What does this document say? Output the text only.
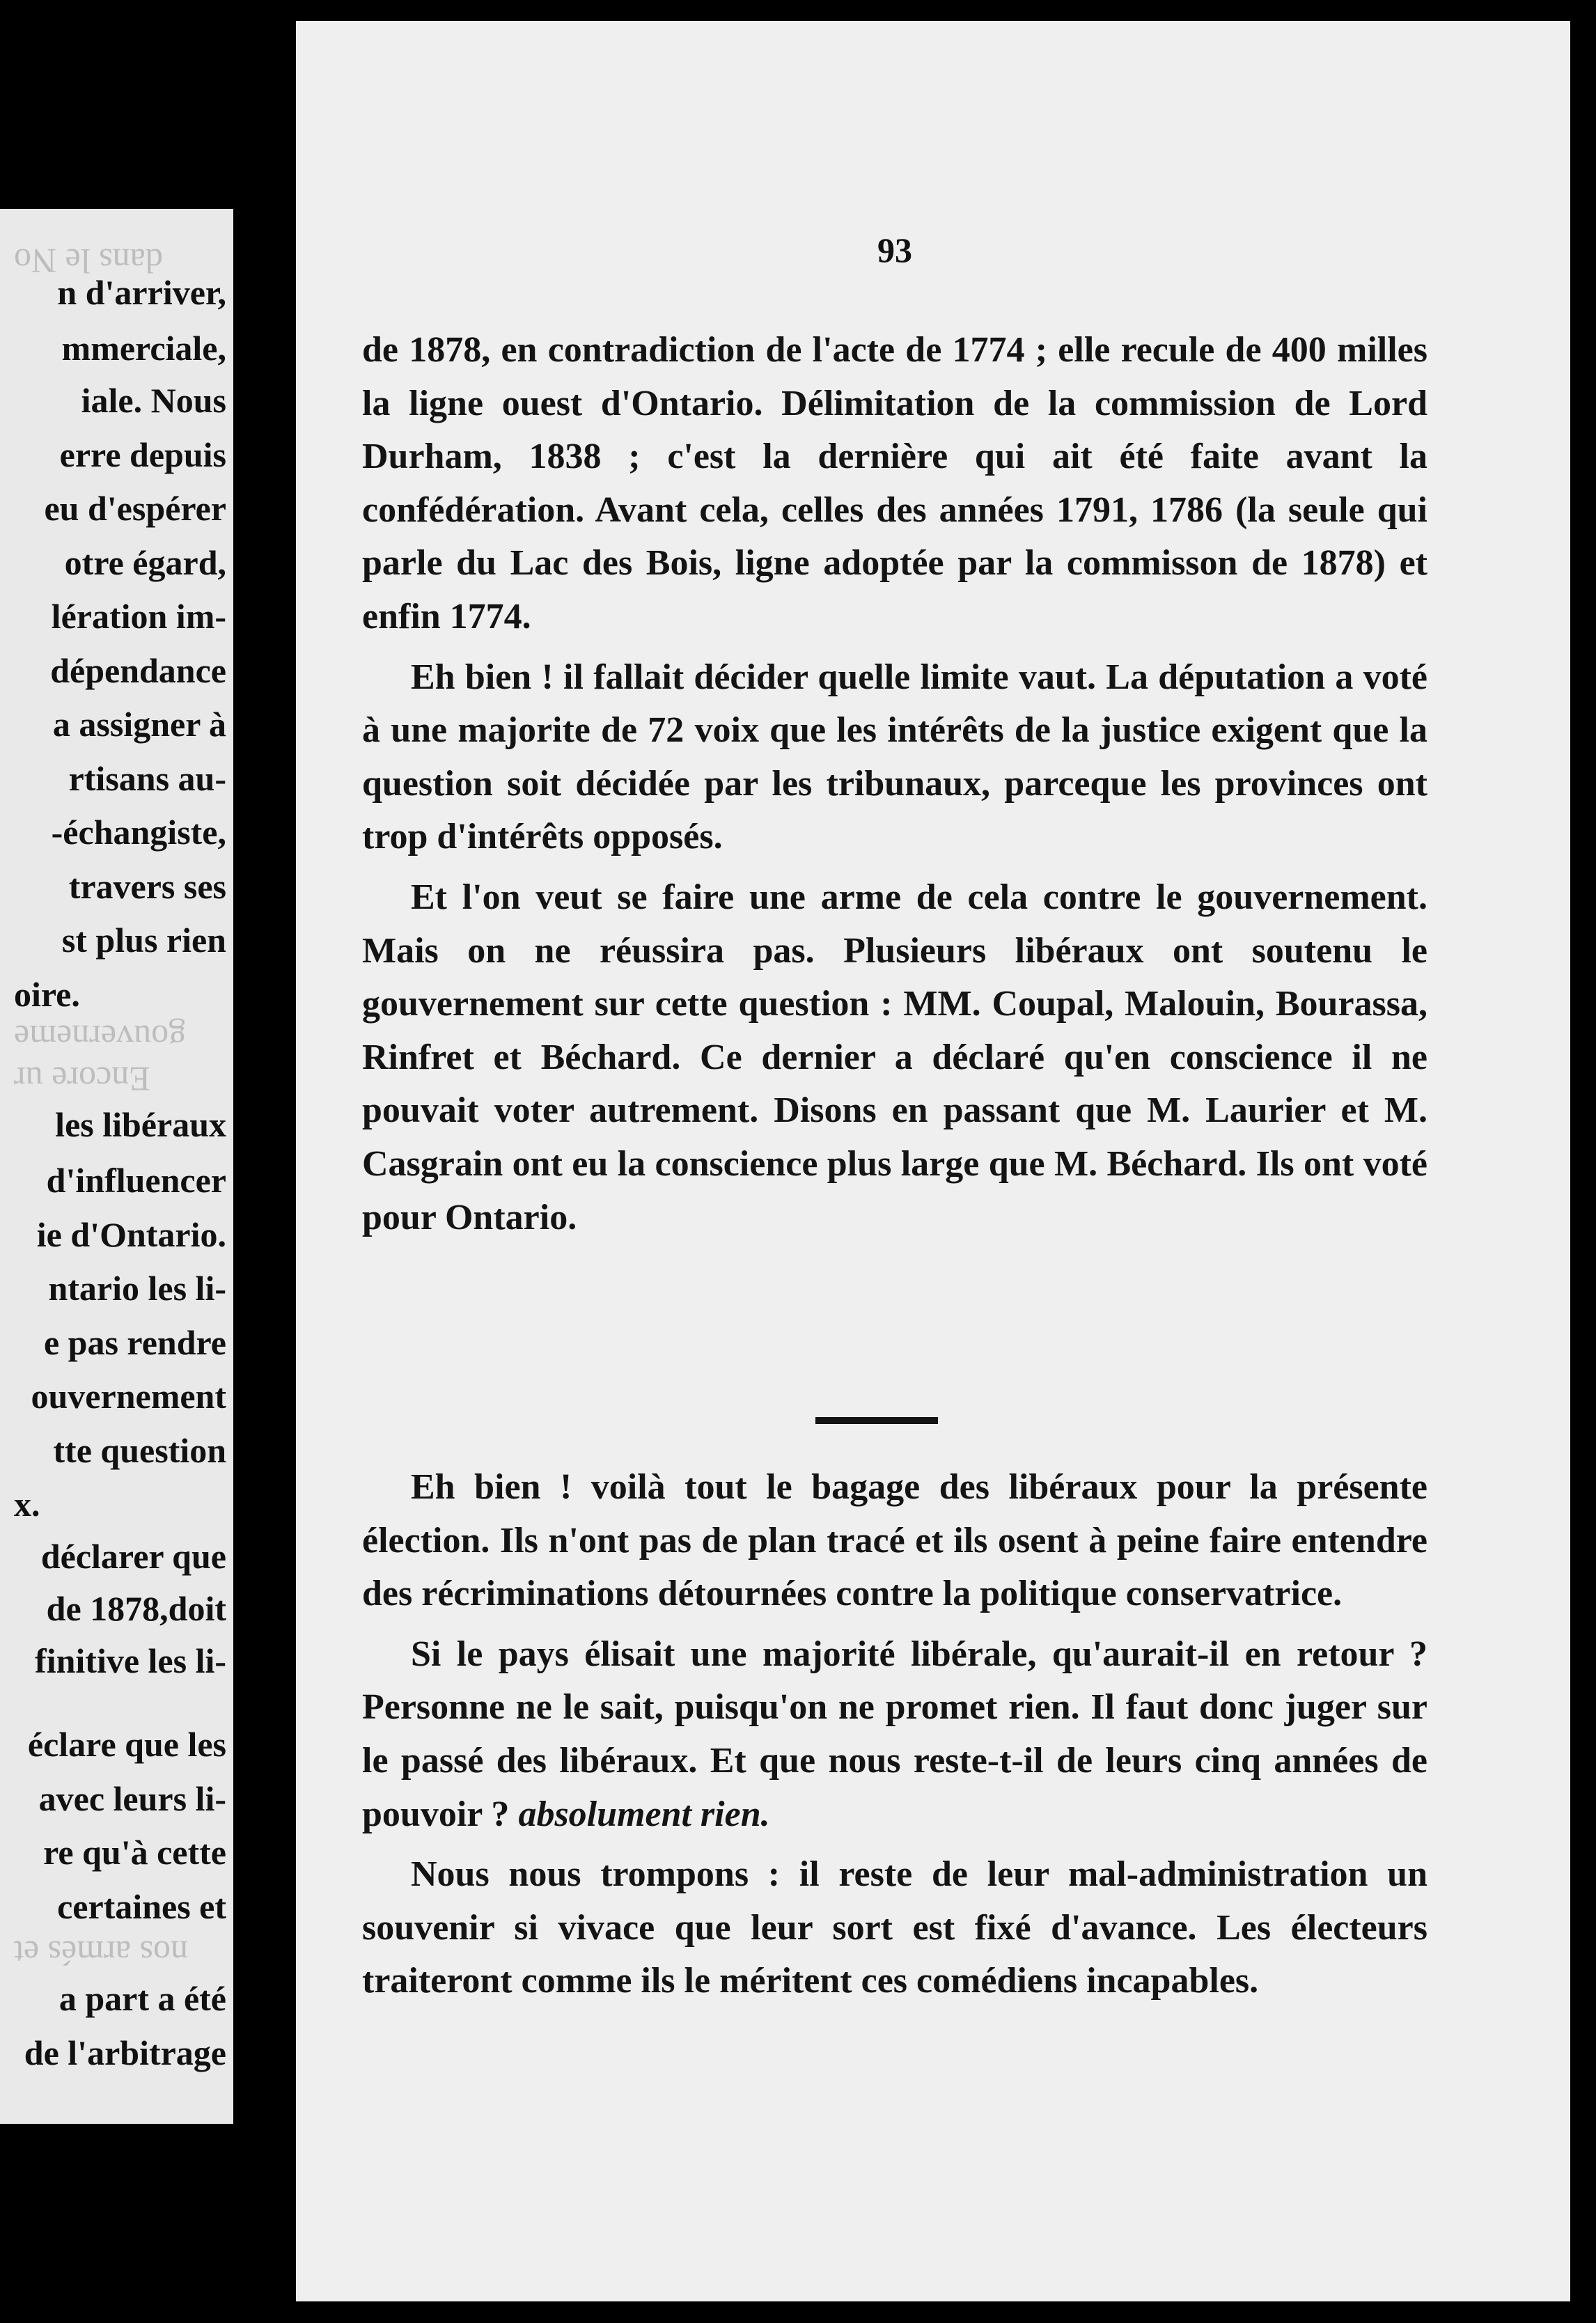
dans le No
n d'arriver,
mmerciale,
iale. Nous
erre depuis
eu d'espérer
otre égard,
lération im-
dépendance
a assigner à
rtisans au-
-échangiste,
travers ses
st plus rien
oire.
gouverneme
Encore ur
les libéraux
d'influencer
ie d'Ontario.
ntario les li-
e pas rendre
ouvernement
tte question
x.
déclarer que
de 1878,doit
finitive les li-
éclare que les
avec leurs li-
re qu'à cette
certaines et
nos armés et
a part a été
de l'arbitrage
93

de 1878, en contradiction de l'acte de 1774 ; elle recule de 400 milles la ligne ouest d'Ontario. Délimitation de la commission de Lord Durham, 1838 ; c'est la dernière qui ait été faite avant la confédération. Avant cela, celles des années 1791, 1786 (la seule qui parle du Lac des Bois, ligne adoptée par la commisson de 1878) et enfin 1774.

Eh bien ! il fallait décider quelle limite vaut. La députation a voté à une majorite de 72 voix que les intérêts de la justice exigent que la question soit décidée par les tribunaux, parceque les provinces ont trop d'intérêts opposés.

Et l'on veut se faire une arme de cela contre le gouvernement. Mais on ne réussira pas. Plusieurs libéraux ont soutenu le gouvernement sur cette question : MM. Coupal, Malouin, Bourassa, Rinfret et Béchard. Ce dernier a déclaré qu'en conscience il ne pouvait voter autrement. Disons en passant que M. Laurier et M. Casgrain ont eu la conscience plus large que M. Béchard. Ils ont voté pour Ontario.

Eh bien ! voilà tout le bagage des libéraux pour la présente élection. Ils n'ont pas de plan tracé et ils osent à peine faire entendre des récriminations détournées contre la politique conservatrice.

Si le pays élisait une majorité libérale, qu'aurait-il en retour ? Personne ne le sait, puisqu'on ne promet rien. Il faut donc juger sur le passé des libéraux. Et que nous reste-t-il de leurs cinq années de pouvoir ? absolument rien.

Nous nous trompons : il reste de leur mal-administration un souvenir si vivace que leur sort est fixé d'avance. Les électeurs traiteront comme ils le méritent ces comédiens incapables.
